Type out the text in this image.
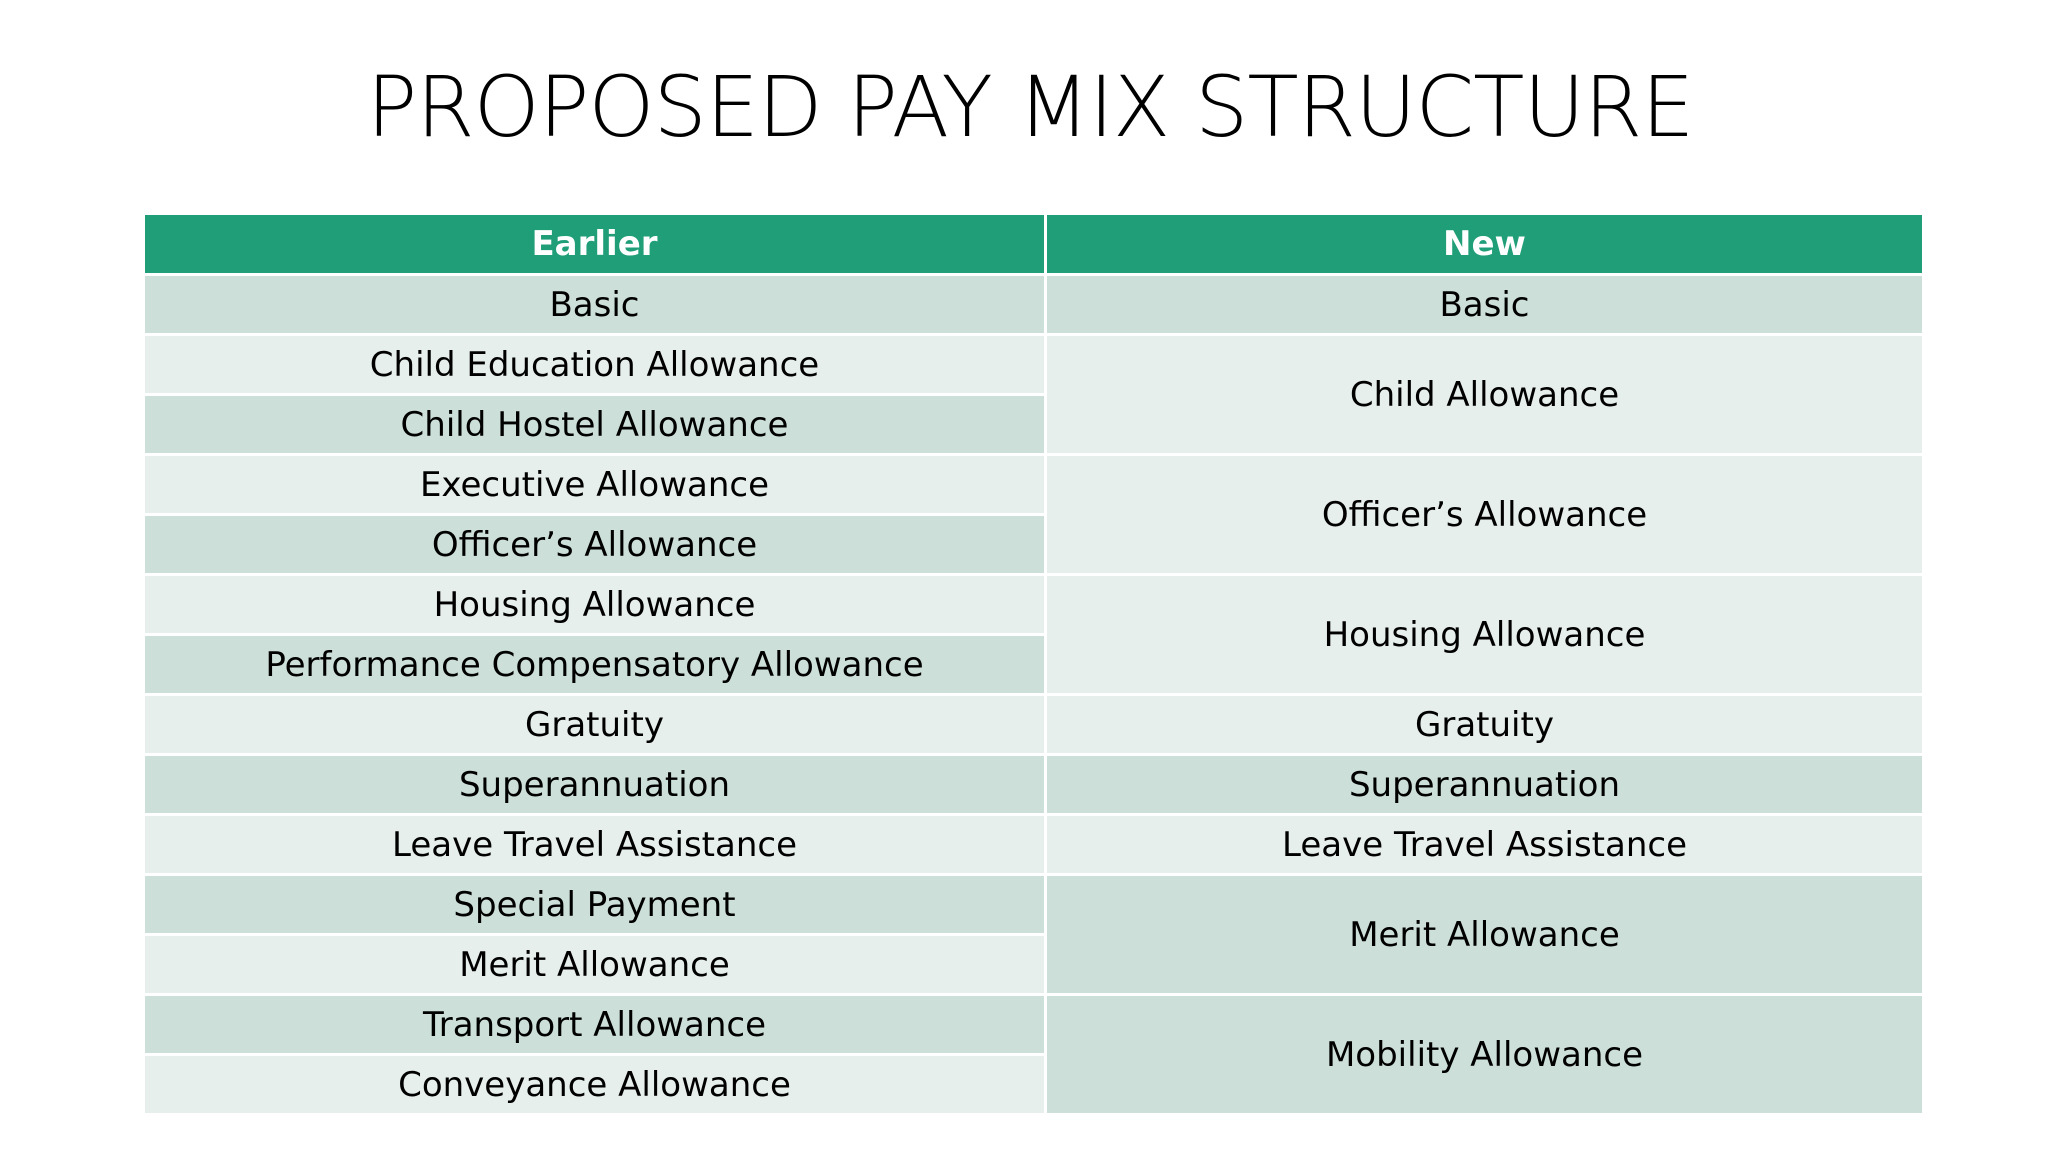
PROPOSED PAY MIX STRUCTURE
Earlier	New
Basic	Basic
Child Education Allowance	Child Allowance
Child Hostel Allowance	
Executive Allowance	Officer’s Allowance
Officer’s Allowance	
Housing Allowance	Housing Allowance
Performance Compensatory Allowance	
Gratuity	Gratuity
Superannuation	Superannuation
Leave Travel Assistance	Leave Travel Assistance
Special Payment	Merit Allowance
Merit Allowance	
Transport Allowance	Mobility Allowance
Conveyance Allowance	
